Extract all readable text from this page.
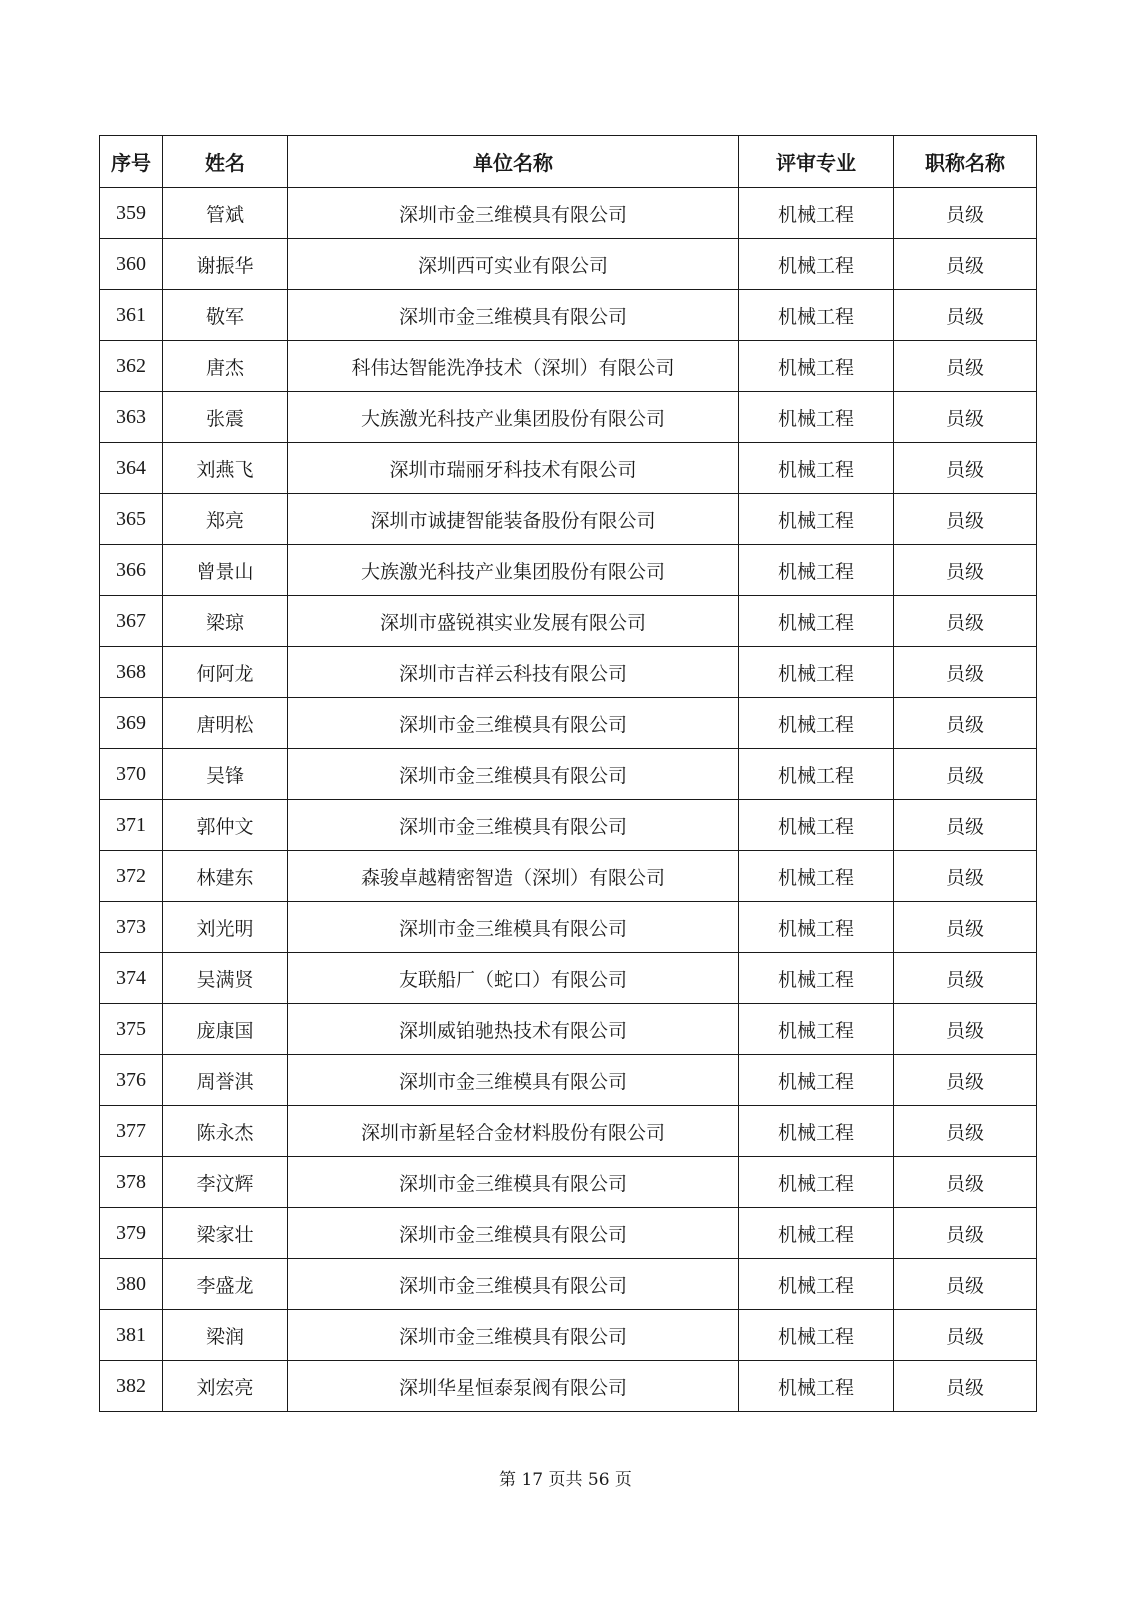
序号	姓名	单位名称	评审专业	职称名称
359	管斌	深圳市金三维模具有限公司	机械工程	员级
360	谢振华	深圳西可实业有限公司	机械工程	员级
361	敬军	深圳市金三维模具有限公司	机械工程	员级
362	唐杰	科伟达智能洗净技术（深圳）有限公司	机械工程	员级
363	张震	大族激光科技产业集团股份有限公司	机械工程	员级
364	刘燕飞	深圳市瑞丽牙科技术有限公司	机械工程	员级
365	郑亮	深圳市诚捷智能装备股份有限公司	机械工程	员级
366	曾景山	大族激光科技产业集团股份有限公司	机械工程	员级
367	梁琼	深圳市盛锐祺实业发展有限公司	机械工程	员级
368	何阿龙	深圳市吉祥云科技有限公司	机械工程	员级
369	唐明松	深圳市金三维模具有限公司	机械工程	员级
370	吴锋	深圳市金三维模具有限公司	机械工程	员级
371	郭仲文	深圳市金三维模具有限公司	机械工程	员级
372	林建东	森骏卓越精密智造（深圳）有限公司	机械工程	员级
373	刘光明	深圳市金三维模具有限公司	机械工程	员级
374	吴满贤	友联船厂（蛇口）有限公司	机械工程	员级
375	庞康国	深圳威铂驰热技术有限公司	机械工程	员级
376	周誉淇	深圳市金三维模具有限公司	机械工程	员级
377	陈永杰	深圳市新星轻合金材料股份有限公司	机械工程	员级
378	李汶辉	深圳市金三维模具有限公司	机械工程	员级
379	梁家壮	深圳市金三维模具有限公司	机械工程	员级
380	李盛龙	深圳市金三维模具有限公司	机械工程	员级
381	梁润	深圳市金三维模具有限公司	机械工程	员级
382	刘宏亮	深圳华星恒泰泵阀有限公司	机械工程	员级
第 17 页共 56 页
